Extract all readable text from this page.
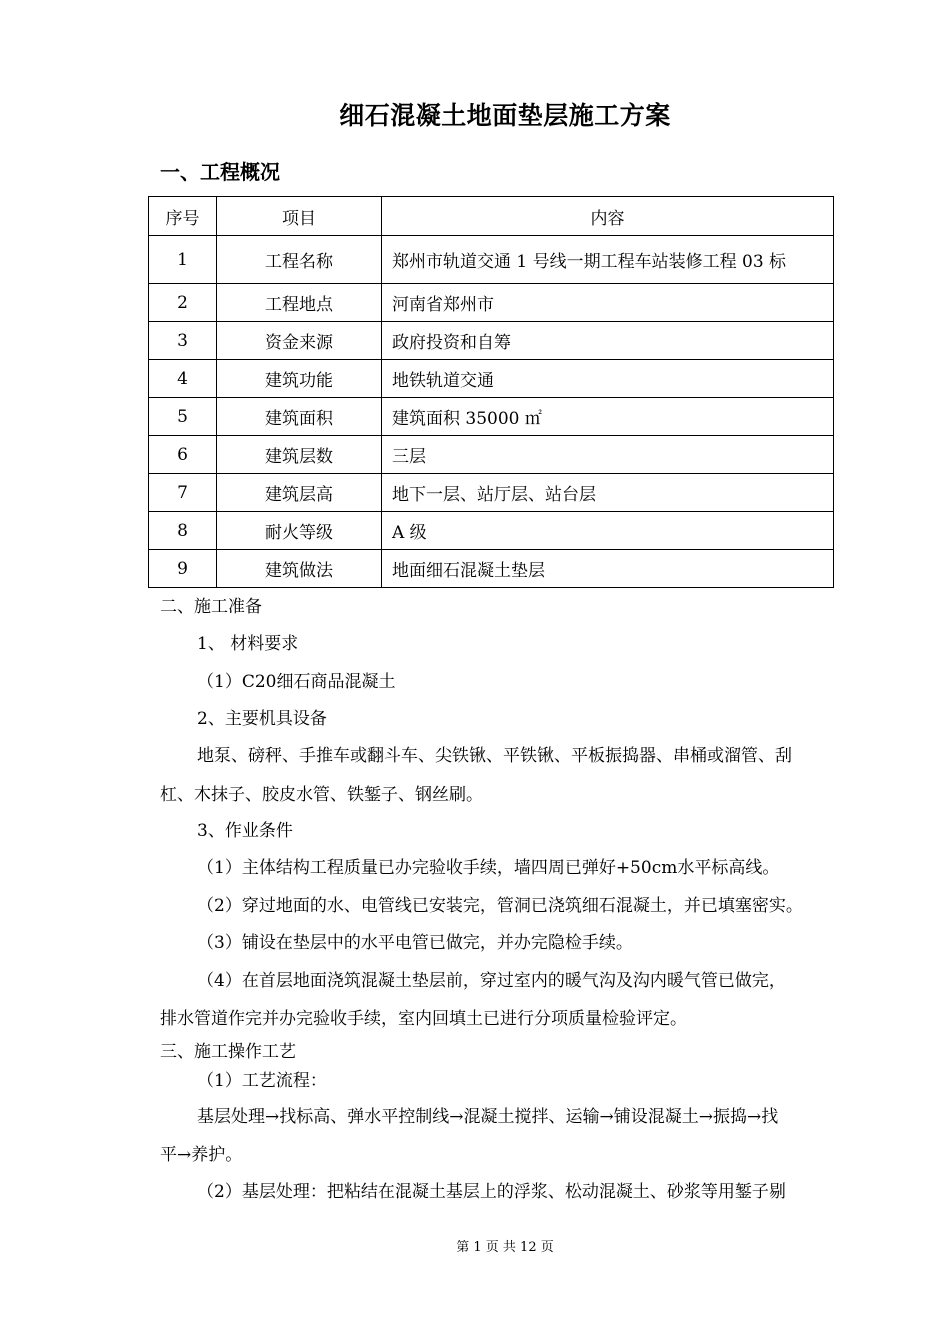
细石混凝土地面垫层施工方案
一、工程概况
序号	项目	内容
1	工程名称	郑州市轨道交通 1 号线一期工程车站装修工程 03 标
2	工程地点	河南省郑州市
3	资金来源	政府投资和自筹
4	建筑功能	地铁轨道交通
5	建筑面积	建筑面积 35000 ㎡
6	建筑层数	三层
7	建筑层高	地下一层、站厅层、站台层
8	耐火等级	A 级
9	建筑做法	地面细石混凝土垫层
二、施工准备
1、 材料要求
（1）C20细石商品混凝土
2、主要机具设备
地泵、磅秤、手推车或翻斗车、尖铁锹、平铁锹、平板振捣器、串桶或溜管、刮
杠、木抹子、胶皮水管、铁錾子、钢丝刷。
3、作业条件
（1）主体结构工程质量已办完验收手续，墙四周已弹好+50cm水平标高线。
（2）穿过地面的水、电管线已安装完，管洞已浇筑细石混凝土，并已填塞密实。
（3）铺设在垫层中的水平电管已做完，并办完隐检手续。
（4）在首层地面浇筑混凝土垫层前，穿过室内的暖气沟及沟内暖气管已做完，
排水管道作完并办完验收手续，室内回填土已进行分项质量检验评定。
三、施工操作工艺
（1）工艺流程：
基层处理→找标高、弹水平控制线→混凝土搅拌、运输→铺设混凝土→振捣→找
平→养护。
（2）基层处理：把粘结在混凝土基层上的浮浆、松动混凝土、砂浆等用錾子剔
第 1 页 共 12 页
